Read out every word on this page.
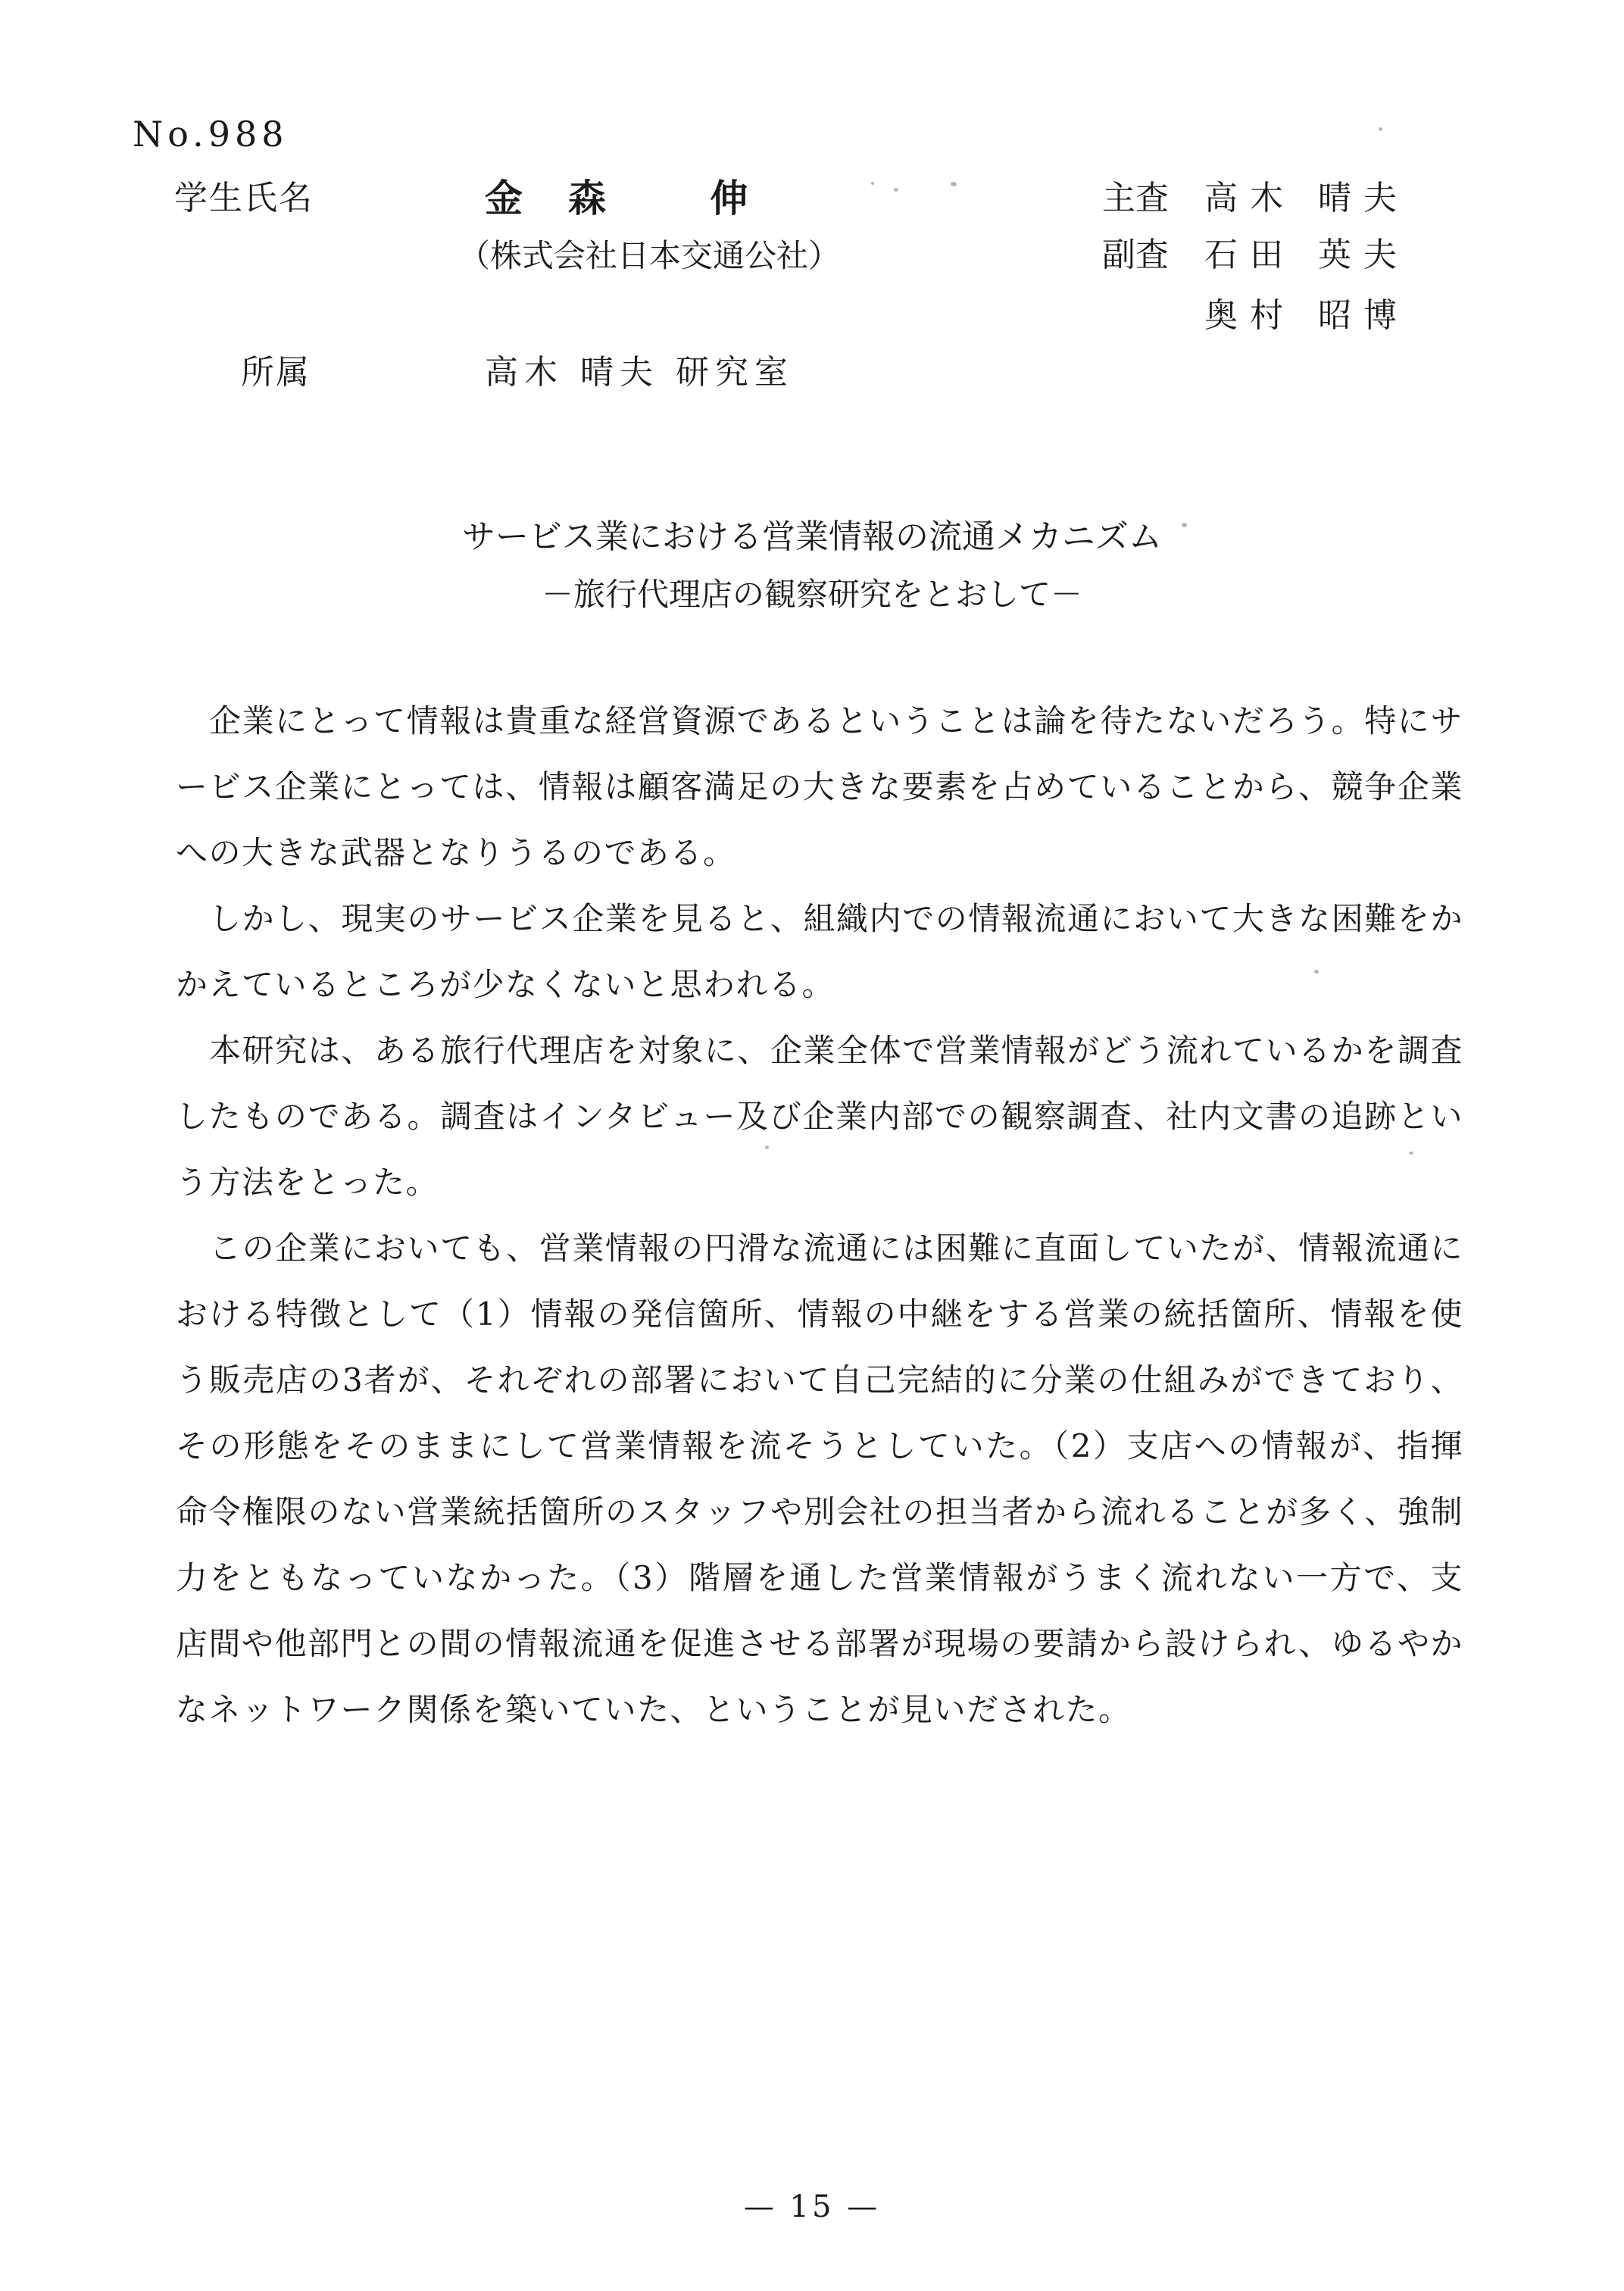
No.988
学生氏名	金森 伸
（株式会社日本交通公社）
主査 高木 晴夫
副査 石田 英夫
奥村 昭博
所属	高木 晴夫 研究室
サービス業における営業情報の流通メカニズム
－旅行代理店の観察研究をとおして－

企業にとって情報は貴重な経営資源であるということは論を待たないだろう。特にサービス企業にとっては、情報は顧客満足の大きな要素を占めていることから、競争企業への大きな武器となりうるのである。

しかし、現実のサービス企業を見ると、組織内での情報流通において大きな困難をかかえているところが少なくないと思われる。

本研究は、ある旅行代理店を対象に、企業全体で営業情報がどう流れているかを調査したものである。調査はインタビュー及び企業内部での観察調査、社内文書の追跡という方法をとった。

この企業においても、営業情報の円滑な流通には困難に直面していたが、情報流通における特徴として（1）情報の発信箇所、情報の中継をする営業の統括箇所、情報を使う販売店の3者が、それぞれの部署において自己完結的に分業の仕組みができており、その形態をそのままにして営業情報を流そうとしていた。（2）支店への情報が、指揮命令権限のない営業統括箇所のスタッフや別会社の担当者から流れることが多く、強制力をともなっていなかった。（3）階層を通した営業情報がうまく流れない一方で、支店間や他部門との間の情報流通を促進させる部署が現場の要請から設けられ、ゆるやかなネットワーク関係を築いていた、ということが見いだされた。

— 15 —
